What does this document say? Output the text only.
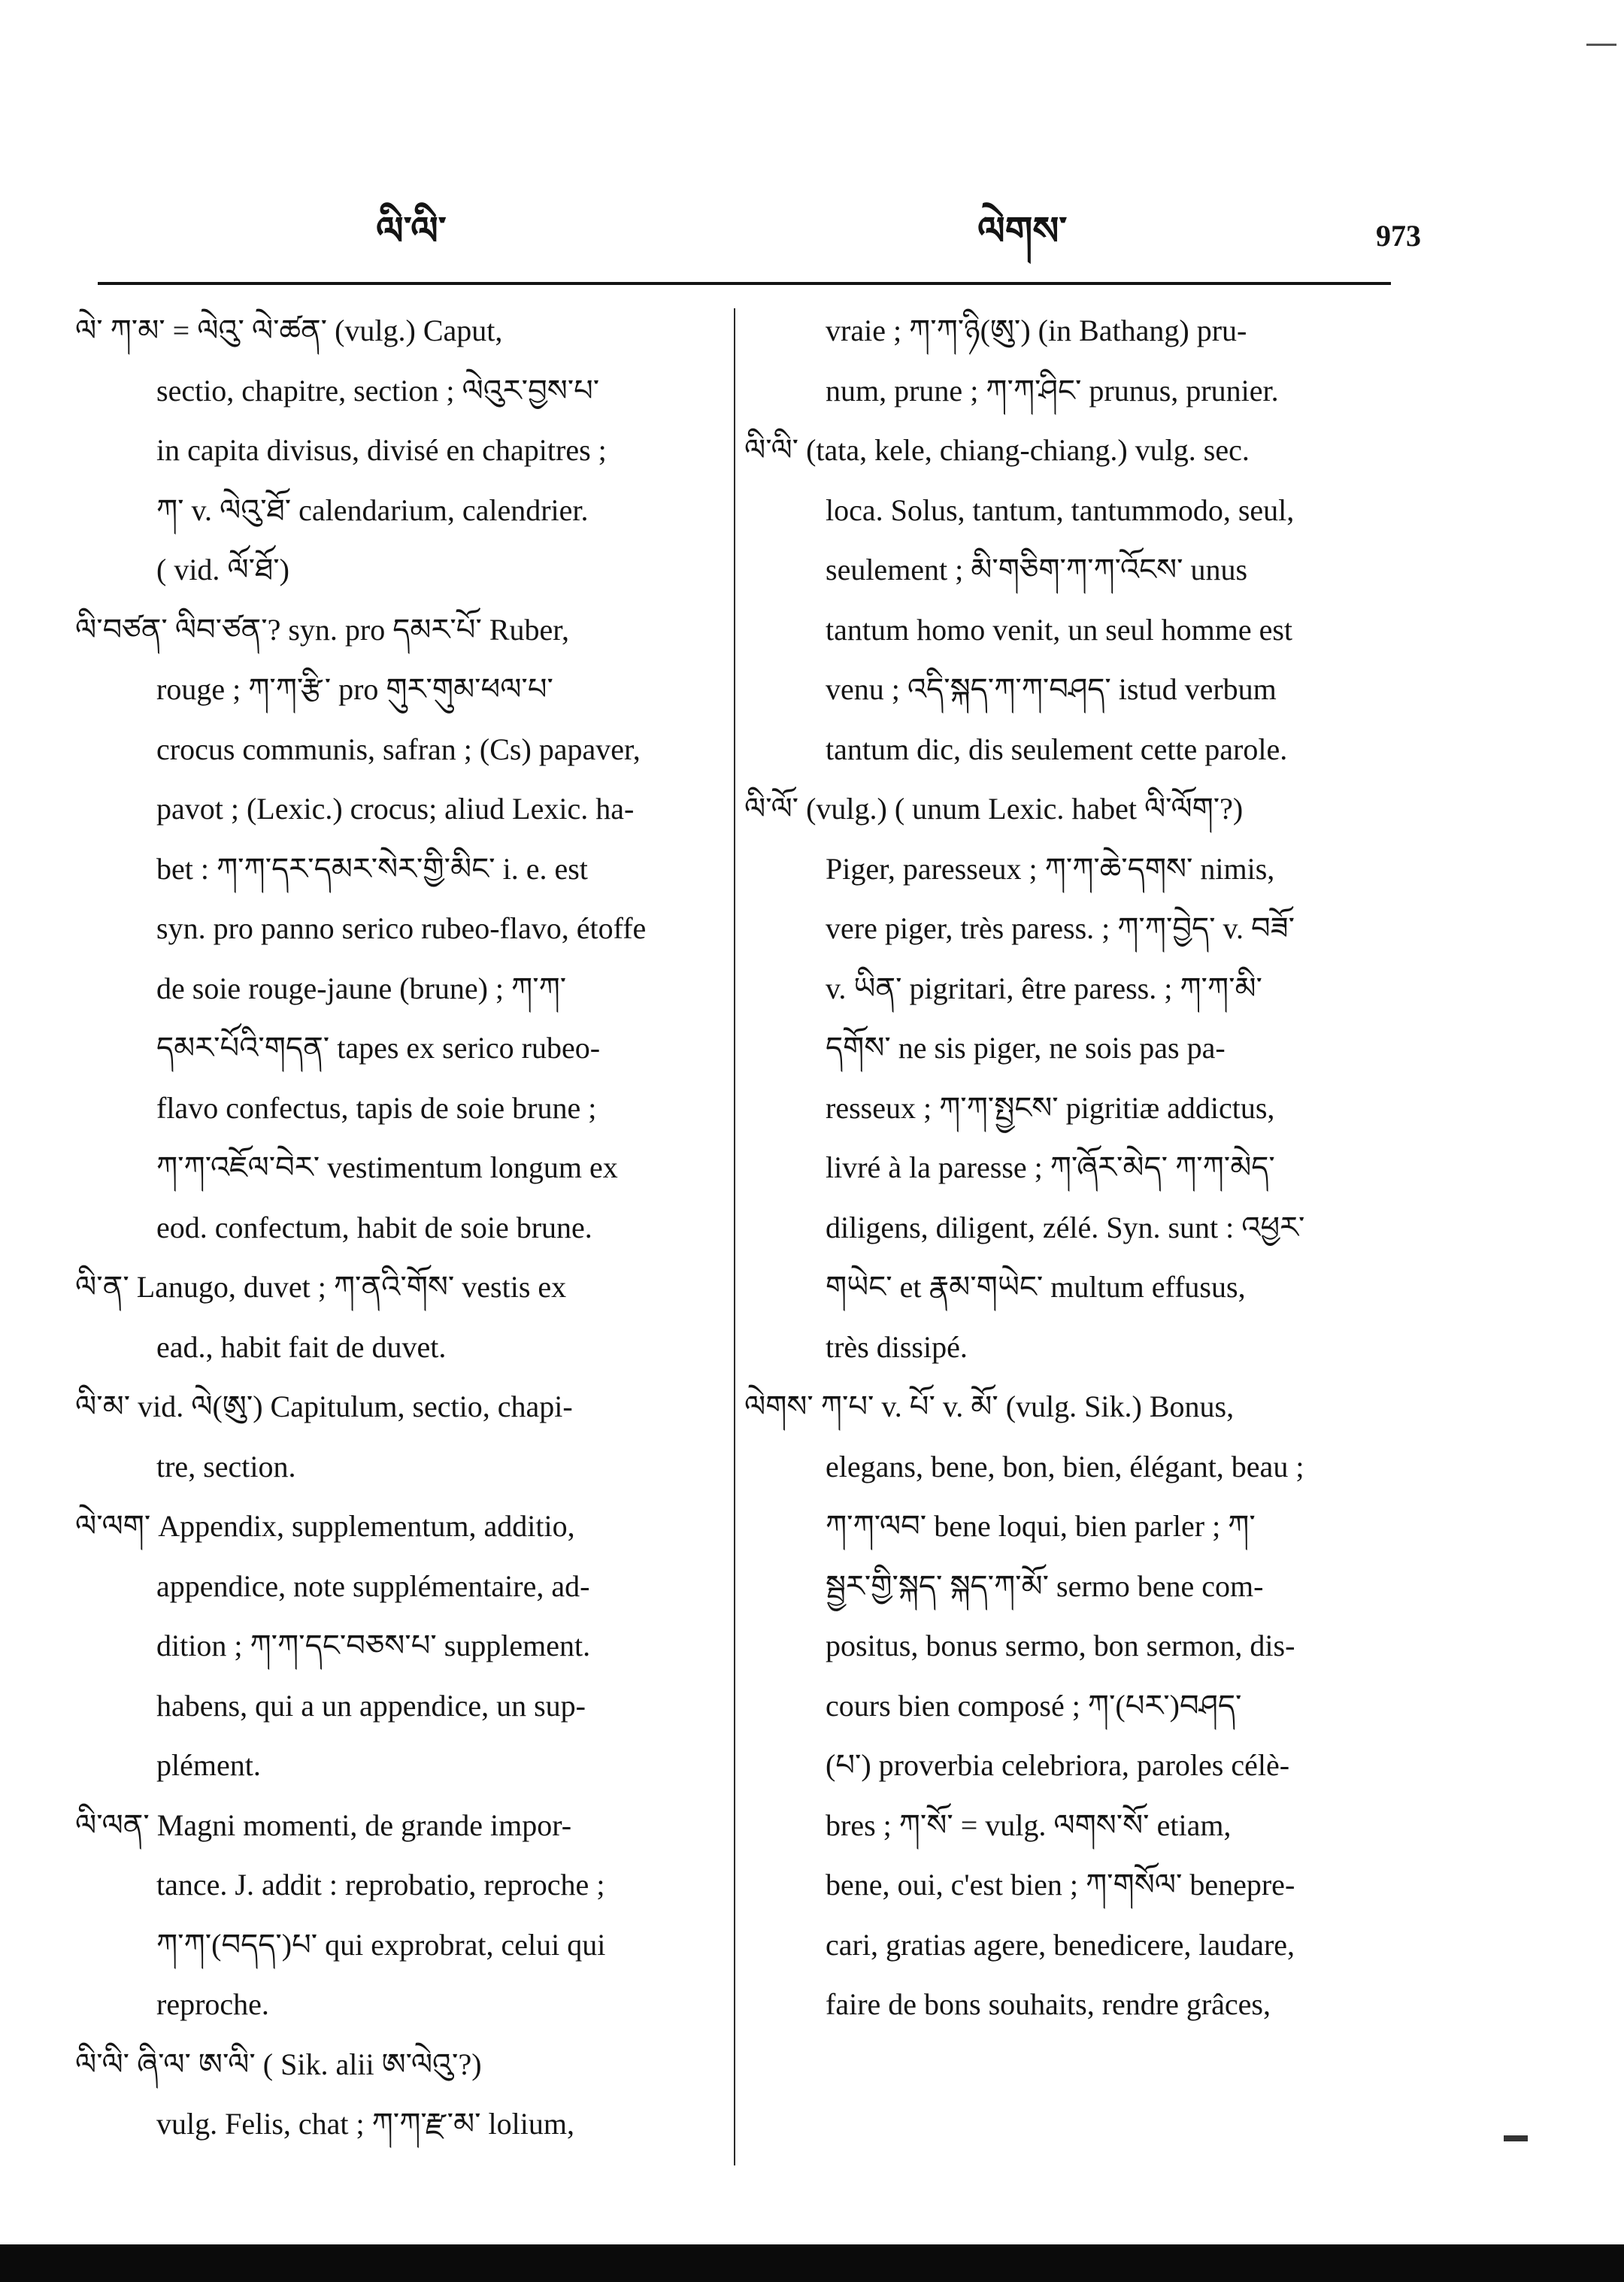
ལི་ལི་	ལེགས་	973
ལེ་ ཀ་མ་ = ལེའུ་ ལེ་ཚན་ (vulg.) Caput,
sectio, chapitre, section ; ལེའུར་བྱས་པ་
in capita divisus, divisé en chapitres ;
ཀ་ v. ལེའུ་ཐོ་ calendarium, calendrier.
( vid. ལོ་ཐོ་)
ལི་བཙན་ ལིབ་ཙན་? syn. pro དམར་པོ་ Ruber,
rouge ; ཀ་ཀ་རྩི་ pro གུར་གུམ་ཕལ་པ་
crocus communis, safran ; (Cs) papaver,
pavot ; (Lexic.) crocus; aliud Lexic. ha-
bet : ཀ་ཀ་དར་དམར་སེར་གྱི་མིང་ i. e. est
syn. pro panno serico rubeo-flavo, étoffe
de soie rouge-jaune (brune) ; ཀ་ཀ་
དམར་པོའི་གདན་ tapes ex serico rubeo-
flavo confectus, tapis de soie brune ;
ཀ་ཀ་འཇོལ་བེར་ vestimentum longum ex
eod. confectum, habit de soie brune.
ལི་ན་ Lanugo, duvet ; ཀ་ནའི་གོས་ vestis ex
ead., habit fait de duvet.
ལི་མ་ vid. ལེ(ཨུ་) Capitulum, sectio, chapi-
tre, section.
ལེ་ལག་ Appendix, supplementum, additio,
appendice, note supplémentaire, ad-
dition ; ཀ་ཀ་དང་བཅས་པ་ supplement.
habens, qui a un appendice, un sup-
plément.
ལི་ལན་ Magni momenti, de grande impor-
tance. J. addit : reprobatio, reproche ;
ཀ་ཀ་(བདད་)པ་ qui exprobrat, celui qui
reproche.
ལི་ལི་ ཞི་ལ་ ཨ་ལི་ ( Sik. alii ཨ་ལེའུ་?)
vulg. Felis, chat ; ཀ་ཀ་རྫ་མ་ lolium,
vraie ; ཀ་ཀ་ཉི(ཨུ་) (in Bathang) pru-
num, prune ; ཀ་ཀ་ཤིང་ prunus, prunier.
ལི་ལི་ (tata, kele, chiang-chiang.) vulg. sec.
loca. Solus, tantum, tantummodo, seul,
seulement ; མི་གཅིག་ཀ་ཀ་འོངས་ unus
tantum homo venit, un seul homme est
venu ; འདི་སྐད་ཀ་ཀ་བཤད་ istud verbum
tantum dic, dis seulement cette parole.
ལི་ལོ་ (vulg.) ( unum Lexic. habet ལི་ལོག་?)
Piger, paresseux ; ཀ་ཀ་ཆེ་དགས་ nimis,
vere piger, très paress. ; ཀ་ཀ་བྱེད་ v. བཟོ་
v. ཡིན་ pigritari, être paress. ; ཀ་ཀ་མི་
དགོས་ ne sis piger, ne sois pas pa-
resseux ; ཀ་ཀ་སྤྱངས་ pigritiæ addictus,
livré à la paresse ; ཀ་ཞོར་མེད་ ཀ་ཀ་མེད་
diligens, diligent, zélé. Syn. sunt : འཕྱར་
གཡེང་ et རྣམ་གཡེང་ multum effusus,
très dissipé.
ལེགས་ ཀ་པ་ v. པོ་ v. མོ་ (vulg. Sik.) Bonus,
elegans, bene, bon, bien, élégant, beau ;
ཀ་ཀ་ལབ་ bene loqui, bien parler ; ཀ་
སྦྱར་གྱི་སྐད་ སྐད་ཀ་མོ་ sermo bene com-
positus, bonus sermo, bon sermon, dis-
cours bien composé ; ཀ་(པར་)བཤད་
(པ་) proverbia celebriora, paroles célè-
bres ; ཀ་སོ་ = vulg. ལགས་སོ་ etiam,
bene, oui, c'est bien ; ཀ་གསོལ་ benepre-
cari, gratias agere, benedicere, laudare,
faire de bons souhaits, rendre grâces,
